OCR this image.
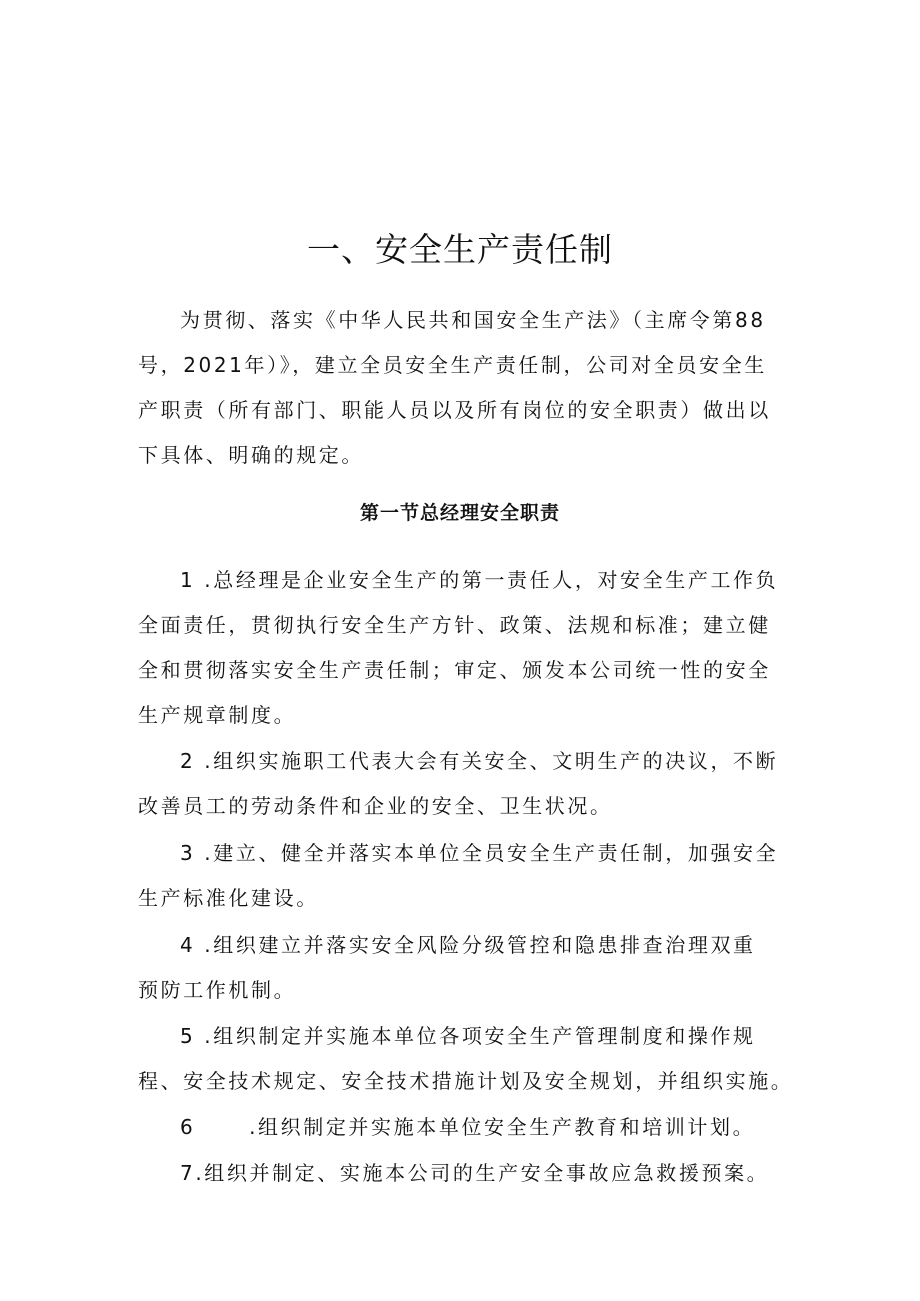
一、安全生产责任制

为贯彻、落实《中华人民共和国安全生产法》（主席令第88

号，2021年）》，建立全员安全生产责任制，公司对全员安全生

产职责（所有部门、职能人员以及所有岗位的安全职责）做出以

下具体、明确的规定。

第一节总经理安全职责

1 .总经理是企业安全生产的第一责任人，对安全生产工作负

全面责任，贯彻执行安全生产方针、政策、法规和标准；建立健

全和贯彻落实安全生产责任制；审定、颁发本公司统一性的安全

生产规章制度。

2 .组织实施职工代表大会有关安全、文明生产的决议，不断

改善员工的劳动条件和企业的安全、卫生状况。

3 .建立、健全并落实本单位全员安全生产责任制，加强安全

生产标准化建设。

4 .组织建立并落实安全风险分级管控和隐患排查治理双重

预防工作机制。

5 .组织制定并实施本单位各项安全生产管理制度和操作规

程、安全技术规定、安全技术措施计划及安全规划，并组织实施。

6      .组织制定并实施本单位安全生产教育和培训计划。

7.组织并制定、实施本公司的生产安全事故应急救援预案。
